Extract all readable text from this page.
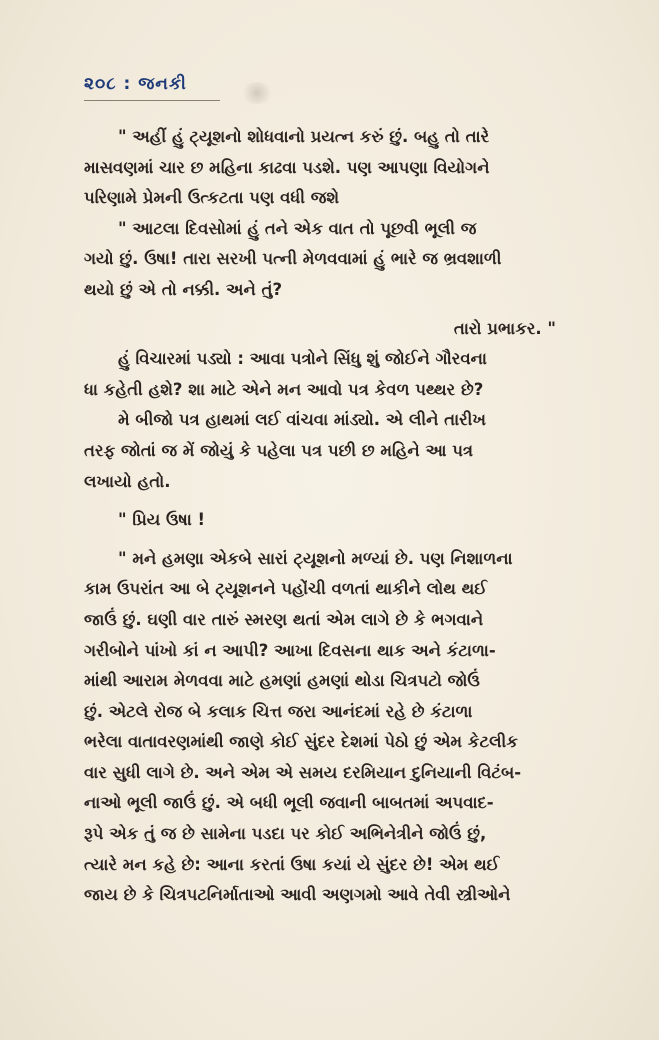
૨૦૮ : જનકી
" અહીં હું ટ્યૂશનો શોધવાનો પ્રયત્ન કરું છું. બહુ તો તારે
માસવણમાં ચાર છ મહિના કાઢવા પડશે. પણ આપણા વિયોગને
પરિણામે પ્રેમની ઉત્કટતા પણ વધી જશે
" આટલા દિવસોમાં હું તને એક વાત તો પૂછવી ભૂલી જ
ગયો છું. ઉષા! તારા સરખી પત્ની મેળવવામાં હું ભારે જ ભ્રવશાળી
થયો છું એ તો નક્કી. અને તું?
તારો પ્રભાકર. "
હું વિચારમાં પડ્યો : આવા પત્રોને સિંધુ શું જોઈને ગૌરવના
ધા કહેતી હશે? શા માટે એને મન આવો પત્ર કેવળ પથ્થર છે?
મે બીજો પત્ર હાથમાં લઈ વાંચવા માંડ્યો. એ લીને તારીખ
તરફ જોતાં જ મેં જોયું કે પહેલા પત્ર પછી છ મહિને આ પત્ર
લખાયો હતો.
" પ્રિય ઉષા !
" મને હમણા એકબે સારાં ટ્યૂશનો મળ્યાં છે. પણ નિશાળના
કામ ઉપરાંત આ બે ટ્યૂશનને પહોંચી વળતાં થાકીને લોથ થઈ
જાઉં છું. ઘણી વાર તારું સ્મરણ થતાં એમ લાગે છે કે ભગવાને
ગરીબોને પાંખો કાં ન આપી? આખા દિવસના થાક અને કંટાળા-
માંથી આરામ મેળવવા માટે હમણાં હમણાં થોડા ચિત્રપટો જોઉં
છું. એટલે રોજ બે કલાક ચિત્ત જરા આનંદમાં રહે છે કંટાળા
ભરેલા વાતાવરણમાંથી જાણે કોઈ સુંદર દેશમાં પેઠો છું એમ કેટલીક
વાર સુધી લાગે છે. અને એમ એ સમય દરમિયાન દુનિયાની વિટંબ-
નાઓ ભૂલી જાઉં છું. એ બધી ભૂલી જવાની બાબતમાં અપવાદ-
રૂપે એક તું જ છે સામેના પડદા પર કોઈ અભિનેત્રીને જોઉં છું,
ત્યારે મન કહે છે: આના કરતાં ઉષા કયાં યે સુંદર છે! એમ થઈ
જાય છે કે ચિત્રપટનિર્માતાઓ આવી અણગમો આવે તેવી સ્ત્રીઓને
